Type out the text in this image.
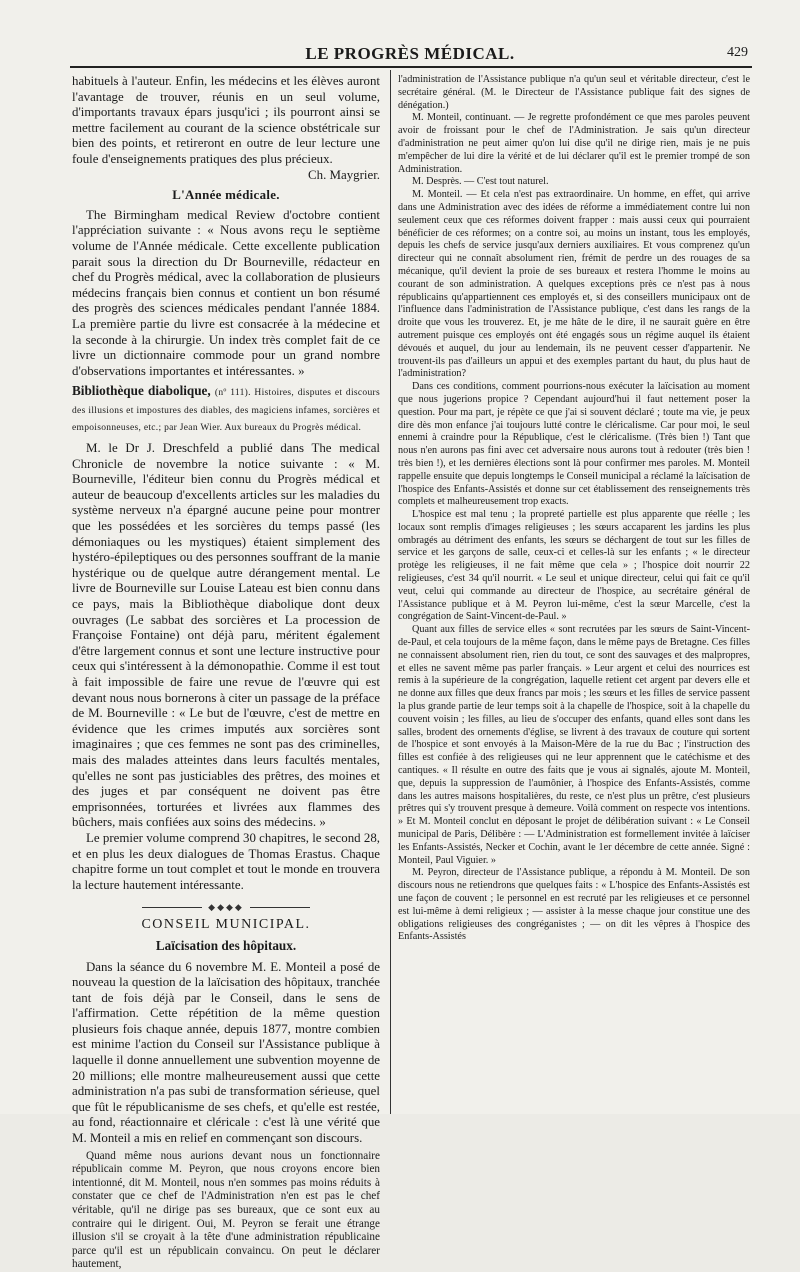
LE PROGRÈS MÉDICAL.	429

habituels à l'auteur. Enfin, les médecins et les élèves auront l'avantage de trouver, réunis en un seul volume, d'importants travaux épars jusqu'ici ; ils pourront ainsi se mettre facilement au courant de la science obstétricale sur bien des points, et retireront en outre de leur lecture une foule d'enseignements pratiques des plus précieux.

Ch. Maygrier.
L'Année médicale.

The Birmingham medical Review d'octobre contient l'appréciation suivante : « Nous avons reçu le septième volume de l'Année médicale. Cette excellente publication parait sous la direction du Dr Bourneville, rédacteur en chef du Progrès médical, avec la collaboration de plusieurs médecins français bien connus et contient un bon résumé des progrès des sciences médicales pendant l'année 1884. La première partie du livre est consacrée à la médecine et la seconde à la chirurgie. Un index très complet fait de ce livre un dictionnaire commode pour un grand nombre d'observations importantes et intéressantes. »

Bibliothèque diabolique, (nº 111). Histoires, disputes et discours des illusions et impostures des diables, des magiciens infames, sorcières et empoisonneuses, etc.; par Jean Wier. Aux bureaux du Progrès médical.

M. le Dr J. Dreschfeld a publié dans The medical Chronicle de novembre la notice suivante : « M. Bourneville, l'éditeur bien connu du Progrès médical et auteur de beaucoup d'excellents articles sur les maladies du système nerveux n'a épargné aucune peine pour montrer que les possédées et les sorcières du temps passé (les démoniaques ou les mystiques) étaient simplement des hystéro-épileptiques ou des personnes souffrant de la manie hystérique ou de quelque autre dérangement mental. Le livre de Bourneville sur Louise Lateau est bien connu dans ce pays, mais la Bibliothèque diabolique dont deux ouvrages (Le sabbat des sorcières et La procession de Françoise Fontaine) ont déjà paru, méritent également d'être largement connus et sont une lecture instructive pour ceux qui s'intéressent à la démonopathie. Comme il est tout à fait impossible de faire une revue de l'œuvre qui est devant nous nous bornerons à citer un passage de la préface de M. Bourneville : « Le but de l'œuvre, c'est de mettre en évidence que les crimes imputés aux sorcières sont imaginaires ; que ces femmes ne sont pas des criminelles, mais des malades atteintes dans leurs facultés mentales, qu'elles ne sont pas justiciables des prêtres, des moines et des juges et par conséquent ne doivent pas être emprisonnées, torturées et livrées aux flammes des bûchers, mais confiées aux soins des médecins. »

Le premier volume comprend 30 chapitres, le second 28, et en plus les deux dialogues de Thomas Erastus. Chaque chapitre forme un tout complet et tout le monde en trouvera la lecture hautement intéressante.

◆◆◆◆
CONSEIL MUNICIPAL.
Laïcisation des hôpitaux.

Dans la séance du 6 novembre M. E. Monteil a posé de nouveau la question de la laïcisation des hôpitaux, tranchée tant de fois déjà par le Conseil, dans le sens de l'affirmation. Cette répétition de la même question plusieurs fois chaque année, depuis 1877, montre combien est minime l'action du Conseil sur l'Assistance publique à laquelle il donne annuellement une subvention moyenne de 20 millions; elle montre malheureusement aussi que cette administration n'a pas subi de transformation sérieuse, quel que fût le républicanisme de ses chefs, et qu'elle est restée, au fond, réactionnaire et cléricale : c'est là une vérité que M. Monteil a mis en relief en commençant son discours.

Quand même nous aurions devant nous un fonctionnaire républicain comme M. Peyron, que nous croyons encore bien intentionné, dit M. Monteil, nous n'en sommes pas moins réduits à constater que ce chef de l'Administration n'en est pas le chef véritable, qu'il ne dirige pas ses bureaux, que ce sont eux au contraire qui le dirigent. Oui, M. Peyron se ferait une étrange illusion s'il se croyait à la tête d'une administration républicaine parce qu'il est un républicain convaincu. On peut le déclarer hautement,

l'administration de l'Assistance publique n'a qu'un seul et véritable directeur, c'est le secrétaire général. (M. le Directeur de l'Assistance publique fait des signes de dénégation.)

M. Monteil, continuant. — Je regrette profondément ce que mes paroles peuvent avoir de froissant pour le chef de l'Administration. Je sais qu'un directeur d'administration ne peut aimer qu'on lui dise qu'il ne dirige rien, mais je ne puis m'empêcher de lui dire la vérité et de lui déclarer qu'il est le premier trompé de son Administration.

M. Desprès. — C'est tout naturel.

M. Monteil. — Et cela n'est pas extraordinaire. Un homme, en effet, qui arrive dans une Administration avec des idées de réforme a immédiatement contre lui non seulement ceux que ces réformes doivent frapper : mais aussi ceux qui pourraient bénéficier de ces réformes; on a contre soi, au moins un instant, tous les employés, depuis les chefs de service jusqu'aux derniers auxiliaires. Et vous comprenez qu'un directeur qui ne connaît absolument rien, frémit de perdre un des rouages de sa mécanique, qu'il devient la proie de ses bureaux et restera l'homme le moins au courant de son administration. A quelques exceptions près ce n'est pas à nous républicains qu'appartiennent ces employés et, si des conseillers municipaux ont de l'influence dans l'administration de l'Assistance publique, c'est dans les rangs de la droite que vous les trouverez. Et, je me hâte de le dire, il ne saurait guère en être autrement puisque ces employés ont été engagés sous un régime auquel ils étaient dévoués et auquel, du jour au lendemain, ils ne peuvent cesser d'appartenir. Ne trouvent-ils pas d'ailleurs un appui et des exemples partant du haut, du plus haut de l'administration?

Dans ces conditions, comment pourrions-nous exécuter la laïcisation au moment que nous jugerions propice ? Cependant aujourd'hui il faut nettement poser la question. Pour ma part, je répète ce que j'ai si souvent déclaré ; toute ma vie, je peux dire dès mon enfance j'ai toujours lutté contre le cléricalisme. Car pour moi, le seul ennemi à craindre pour la République, c'est le cléricalisme. (Très bien !) Tant que nous n'en aurons pas fini avec cet adversaire nous aurons tout à redouter (très bien ! très bien !), et les dernières élections sont là pour confirmer mes paroles. M. Monteil rappelle ensuite que depuis longtemps le Conseil municipal a réclamé la laïcisation de l'hospice des Enfants-Assistés et donne sur cet établissement des renseignements très complets et malheureusement trop exacts.

L'hospice est mal tenu ; la propreté partielle est plus apparente que réelle ; les locaux sont remplis d'images religieuses ; les sœurs accaparent les jardins les plus ombragés au détriment des enfants, les sœurs se déchargent de tout sur les filles de service et les garçons de salle, ceux-ci et celles-là sur les enfants ; « le directeur protège les religieuses, il ne fait même que cela » ; l'hospice doit nourrir 22 religieuses, c'est 34 qu'il nourrit. « Le seul et unique directeur, celui qui fait ce qu'il veut, celui qui commande au directeur de l'hospice, au secrétaire général de l'Assistance publique et à M. Peyron lui-même, c'est la sœur Marcelle, c'est la congrégation de Saint-Vincent-de-Paul. »

Quant aux filles de service elles « sont recrutées par les sœurs de Saint-Vincent-de-Paul, et cela toujours de la même façon, dans le même pays de Bretagne. Ces filles ne connaissent absolument rien, rien du tout, ce sont des sauvages et des malpropres, et elles ne savent même pas parler français. » Leur argent et celui des nourrices est remis à la supérieure de la congrégation, laquelle retient cet argent par devers elle et ne donne aux filles que deux francs par mois ; les sœurs et les filles de service passent la plus grande partie de leur temps soit à la chapelle de l'hospice, soit à la chapelle du couvent voisin ; les filles, au lieu de s'occuper des enfants, quand elles sont dans les salles, brodent des ornements d'église, se livrent à des travaux de couture qui sortent de l'hospice et sont envoyés à la Maison-Mère de la rue du Bac ; l'instruction des filles est confiée à des religieuses qui ne leur apprennent que le catéchisme et des cantiques. « Il résulte en outre des faits que je vous ai signalés, ajoute M. Monteil, que, depuis la suppression de l'aumônier, à l'hospice des Enfants-Assistés, comme dans les autres maisons hospitalières, du reste, ce n'est plus un prêtre, c'est plusieurs prêtres qui s'y trouvent presque à demeure. Voilà comment on respecte vos intentions. » Et M. Monteil conclut en déposant le projet de délibération suivant : « Le Conseil municipal de Paris, Délibère : — L'Administration est formellement invitée à laïciser les Enfants-Assistés, Necker et Cochin, avant le 1er décembre de cette année. Signé : Monteil, Paul Viguier. »

M. Peyron, directeur de l'Assistance publique, a répondu à M. Monteil. De son discours nous ne retiendrons que quelques faits : « L'hospice des Enfants-Assistés est une façon de couvent ; le personnel en est recruté par les religieuses et ce personnel est lui-même à demi religieux ; — assister à la messe chaque jour constitue une des obligations religieuses des congréganistes ; — on dit les vêpres à l'hospice des Enfants-Assistés
